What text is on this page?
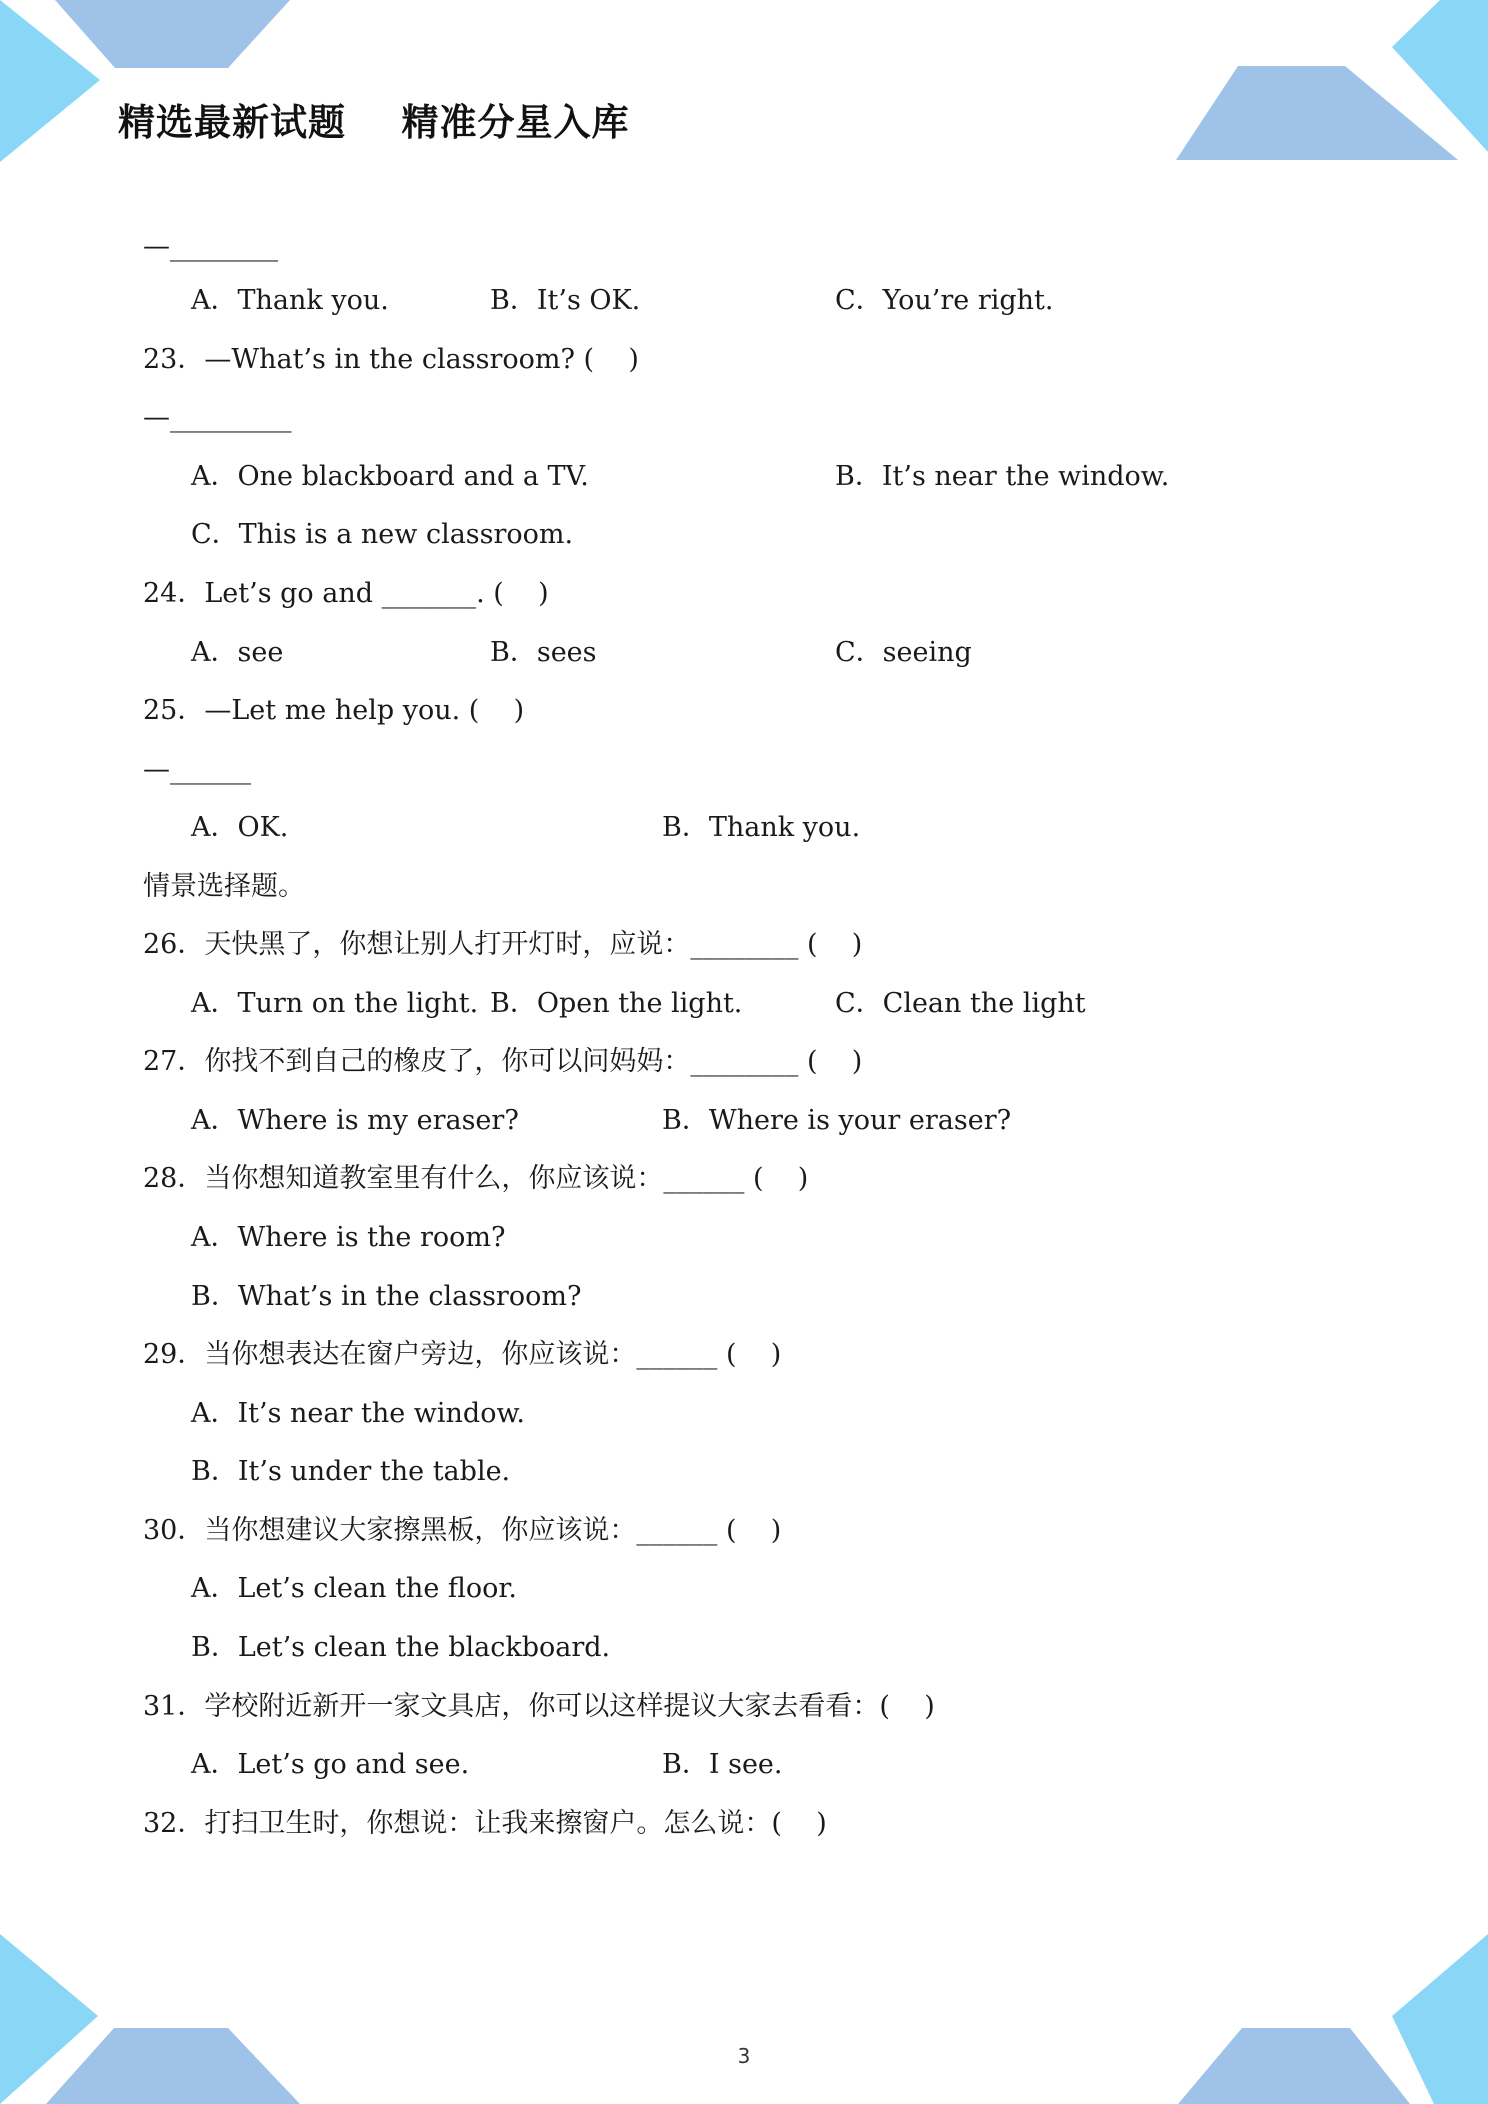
精选最新试题    精准分星入库
—________
A．Thank you.	B．It’s OK.	C．You’re right.
23．—What’s in the classroom? (    )
—_________
A．One blackboard and a TV.	B．It’s near the window.
C．This is a new classroom.
24．Let’s go and _______. (    )
A．see	B．sees	C．seeing
25．—Let me help you. (    )
—______
A．OK.	B．Thank you.
情景选择题。
26．天快黑了，你想让别人打开灯时，应说：________ (    )
A．Turn on the light. B．Open the light.	C．Clean the light
27．你找不到自己的橡皮了，你可以问妈妈：________ (    )
A．Where is my eraser?	B．Where is your eraser?
28．当你想知道教室里有什么，你应该说：______ (    )
A．Where is the room?
B．What’s in the classroom?
29．当你想表达在窗户旁边，你应该说：______ (    )
A．It’s near the window.
B．It’s under the table.
30．当你想建议大家擦黑板，你应该说：______ (    )
A．Let’s clean the floor.
B．Let’s clean the blackboard.
31．学校附近新开一家文具店，你可以这样提议大家去看看：(    )
A．Let’s go and see.	B．I see.
32．打扫卫生时，你想说：让我来擦窗户。怎么说：(    )
3
